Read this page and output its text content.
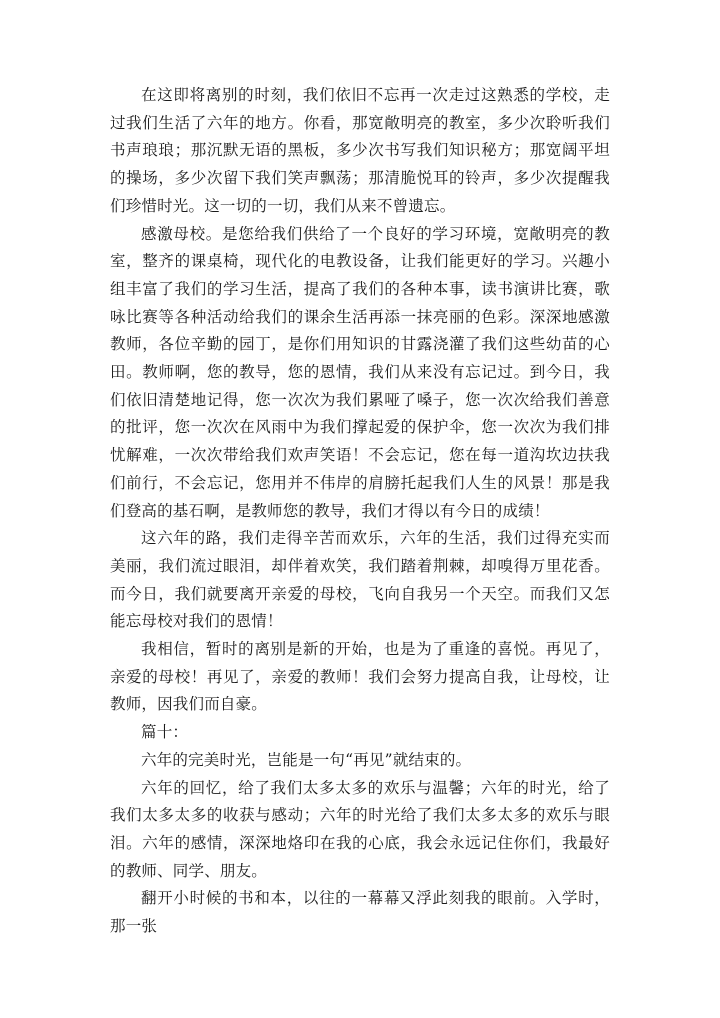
在这即将离别的时刻，我们依旧不忘再一次走过这熟悉的学校，走过我们生活了六年的地方。你看，那宽敞明亮的教室，多少次聆听我们书声琅琅；那沉默无语的黑板，多少次书写我们知识秘方；那宽阔平坦的操场，多少次留下我们笑声飘荡；那清脆悦耳的铃声，多少次提醒我们珍惜时光。这一切的一切，我们从来不曾遗忘。

感激母校。是您给我们供给了一个良好的学习环境，宽敞明亮的教室，整齐的课桌椅，现代化的电教设备，让我们能更好的学习。兴趣小组丰富了我们的学习生活，提高了我们的各种本事，读书演讲比赛，歌咏比赛等各种活动给我们的课余生活再添一抹亮丽的色彩。深深地感激教师，各位辛勤的园丁，是你们用知识的甘露浇灌了我们这些幼苗的心田。教师啊，您的教导，您的恩情，我们从来没有忘记过。到今日，我们依旧清楚地记得，您一次次为我们累哑了嗓子，您一次次给我们善意的批评，您一次次在风雨中为我们撑起爱的保护伞，您一次次为我们排忧解难，一次次带给我们欢声笑语！不会忘记，您在每一道沟坎边扶我们前行，不会忘记，您用并不伟岸的肩膀托起我们人生的风景！那是我们登高的基石啊，是教师您的教导，我们才得以有今日的成绩！

这六年的路，我们走得辛苦而欢乐，六年的生活，我们过得充实而美丽，我们流过眼泪，却伴着欢笑，我们踏着荆棘，却嗅得万里花香。而今日，我们就要离开亲爱的母校，飞向自我另一个天空。而我们又怎能忘母校对我们的恩情！

我相信，暂时的离别是新的开始，也是为了重逢的喜悦。再见了，亲爱的母校！再见了，亲爱的教师！我们会努力提高自我，让母校，让教师，因我们而自豪。

篇十：

六年的完美时光，岂能是一句“再见”就结束的。

六年的回忆，给了我们太多太多的欢乐与温馨；六年的时光，给了我们太多太多的收获与感动；六年的时光给了我们太多太多的欢乐与眼泪。六年的感情，深深地烙印在我的心底，我会永远记住你们，我最好的教师、同学、朋友。

翻开小时候的书和本，以往的一幕幕又浮此刻我的眼前。入学时，那一张
